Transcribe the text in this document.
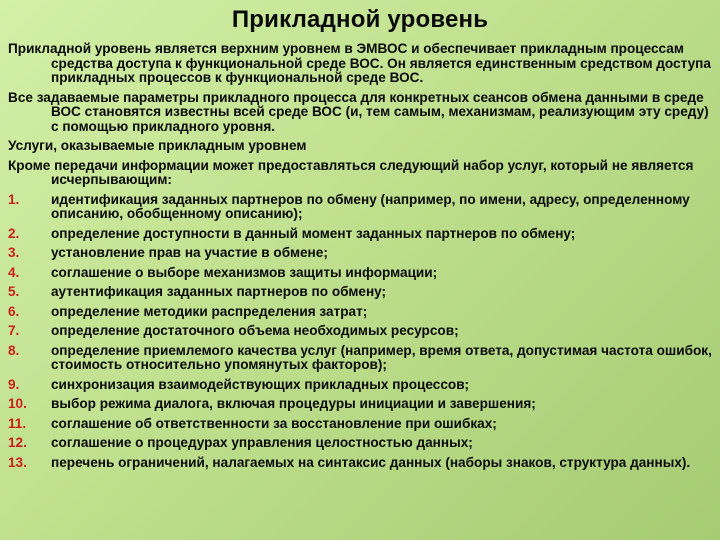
Прикладной уровень

Прикладной уровень является верхним уровнем в ЭМВОС и обеспечивает прикладным процессам средства доступа к функциональной среде ВОС. Он является единственным средством доступа прикладных процессов к функциональной среде ВОС.

Все задаваемые параметры прикладного процесса для конкретных сеансов обмена данными в среде ВОС становятся известны всей среде ВОС (и, тем самым, механизмам, реализующим эту среду) с помощью прикладного уровня.

Услуги, оказываемые прикладным уровнем

Кроме передачи информации может предоставляться следующий набор услуг, который не является исчерпывающим:

1.	идентификация заданных партнеров по обмену (например, по имени, адресу, определенному описанию, обобщенному описанию);
2.	определение доступности в данный момент заданных партнеров по обмену;
3.	установление прав на участие в обмене;
4.	соглашение о выборе механизмов защиты информации;
5.	аутентификация заданных партнеров по обмену;
6.	определение методики распределения затрат;
7.	определение достаточного объема необходимых ресурсов;
8.	определение приемлемого качества услуг (например, время ответа, допустимая частота ошибок, стоимость относительно упомянутых факторов);
9.	синхронизация взаимодействующих прикладных процессов;
10.	выбор режима диалога, включая процедуры инициации и завершения;
11.	соглашение об ответственности за восстановление при ошибках;
12.	соглашение о процедурах управления целостностью данных;
13.	перечень ограничений, налагаемых на синтаксис данных (наборы знаков, структура данных).
